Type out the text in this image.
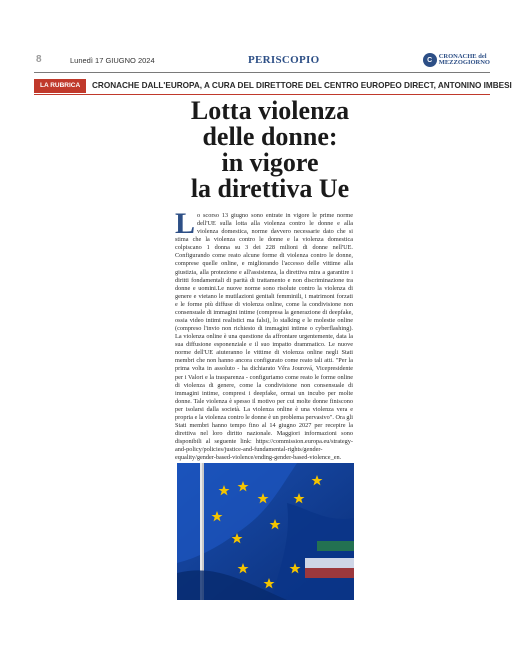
8	Lunedì 17 GIUGNO 2024	PERISCOPIO	C
CRONACHE del
MEZZOGIORNO
LA RUBRICA	CRONACHE DALL'EUROPA, A CURA DEL DIRETTORE DEL CENTRO EUROPEO DIRECT, ANTONINO IMBESI
Lotta violenza
delle donne:
in vigore
la direttiva Ue
Lo scorso 13 giugno sono entrate in vigore le prime norme dell'UE sulla lotta alla violenza contro le donne e alla violenza domestica, norme davvero necessarie dato che si stima che la violenza contro le donne e la violenza domestica colpiscano 1 donna su 3 dei 228 milioni di donne nell'UE. Configurando come reato alcune forme di violenza contro le donne, comprese quelle online, e migliorando l'accesso delle vittime alla giustizia, alla protezione e all'assistenza, la direttiva mira a garantire i diritti fondamentali di parità di trattamento e non discriminazione tra donne e uomini.Le nuove norme sono risolute contro la violenza di genere e vietano le mutilazioni genitali femminili, i matrimoni forzati e le forme più diffuse di violenza online, come la condivisione non consensuale di immagini intime (compresa la generazione di deepfake, ossia video intimi realistici ma falsi), lo stalking e le molestie online (compreso l'invio non richiesto di immagini intime o cyberflashing). La violenza online è una questione da affrontare urgentemente, data la sua diffusione esponenziale e il suo impatto drammatico. Le nuove norme dell'UE aiuteranno le vittime di violenza online negli Stati membri che non hanno ancora configurato come reato tali atti. "Per la prima volta in assoluto - ha dichiarato Věra Jourová, Vicepresidente per i Valori e la trasparenza - configuriamo come reato le forme online di violenza di genere, come la condivisione non consensuale di immagini intime, compresi i deepfake, ormai un incubo per molte donne. Tale violenza è spesso il motivo per cui molte donne finiscono per isolarsi dalla società. La violenza online è una violenza vera e propria e la violenza contro le donne è un problema pervasivo". Ora gli Stati membri hanno tempo fino al 14 giugno 2027 per recepire la direttiva nel loro diritto nazionale. Maggiori informazioni sono disponibili al seguente link: https://commission.europa.eu/strategy-and-policy/policies/justice-and-fundamental-rights/gender-equality/gender-based-violence/ending-gender-based-violence_en.
